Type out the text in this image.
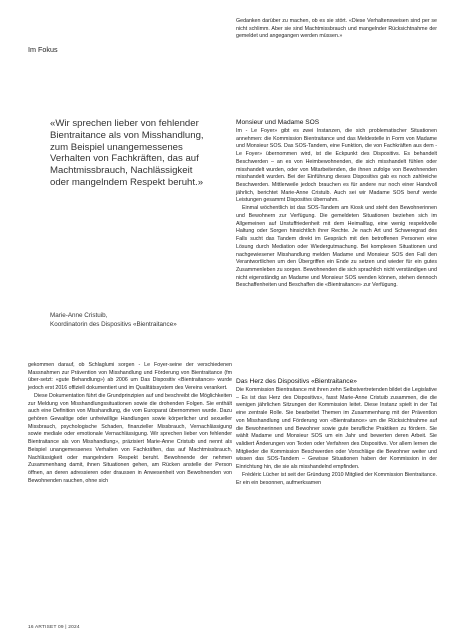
Im Fokus
«Wir sprechen lieber von fehlender Bientraitance als von Misshandlung, zum Beispiel unangemessenes Verhalten von Fachkräften, das auf Machtmissbrauch, Nachlässigkeit oder mangelndem Respekt beruht.»
Marie-Anne Cristuib,
Koordinatorin des Dispositivs «Bientraitance»

gekommen darauf, ob Schlaglumi sorgen - Le Foyer-seine der verschiedenen Massnahmen zur Prävention von Misshandlung und Förderung von Bientraitance (fm über-setzt: «gute Behandlung») ab 2006 um Das Dispositiv «Bientraitance» wurde jedoch erst 2016 offiziell dokumentiert und im Qualitätssystem des Vereins verankert.

Diese Dokumentation führt die Grundprinzipien auf und beschreibt die Möglichkeiten zur Meldung von Misshandlungssituationen sowie die drohenden Folgen. Sie enthält auch eine Definition von Misshandlung, die vom Europarat übernommen wurde. Dazu gehören Gewaltige oder unfreiwillige Handlungen sowie körperlicher und sexueller Missbrauch, psychologische Schaden, finanzieller Missbrauch, Vernachlässigung sowie mediale oder emotionale Vernachlässigung. Wir sprechen lieber von fehlender Bientraitance als von Misshandlung», präzisiert Marie-Anne Cristuib und nennt als Beispiel unangemessenes Verhalten von Fachkräften, das auf Machtmissbrauch, Nachlässigkeit oder mangelndem Respekt beruht. Bewohnende der nehmen Zusammenhang damit, ihnen Situationen gehen, am Rücken anstelle der Person öffnen, an deren adressieren oder draussen in Anwesenheit von Bewohnenden von Bewohnenden rauchen, ohne sich

Gedanken darüber zu machen, ob es sie stört. «Diese Verhaltensweisen sind per se nicht schlimm. Aber sie sind Machtmissbrauch und mangelnder Rücksichtnahme der gemeldet und angegangen werden müssen.»

Monsieur und Madame SOS

Im - Le Foyer» gibt es zwei Instanzen, die sich problematischer Situationen annehmen: die Kommission Bientraitance und das Meldestelle in Form von Madame und Monsieur SOS. Das SOS-Tandem, eine Funktion, die von Fachkräften aus dem - Le Foyer» übernommen wird, ist die Eckpunkt des Dispositivs. Es behandelt Beschwerden – an es von Heimbewohnenden, die sich misshandelt fühlen oder misshandelt wurden, oder von Mitarbeitenden, die ihnen zufolge von Bewohnenden misshandelt wurden. Bei der Einführung dieses Dispositivs gab es noch zahlreiche Beschwerden. Mittlerweile jedoch brauchen es für andere nur noch einer Handvoll jährlich, berichtet Marie-Anne Cristuib. Auch sei wir Madame SOS beruf werde Leistungen gesammt Dispositivs übernahm.

Einmal wöchentlich ist das SOS-Tandem am Kiosk und steht den Bewohnerinnen und Bewohnern zur Verfügung. Die gemeldeten Situationen beziehen sich im Allgemeinen auf Unstuffriedenheit mit dem Heimalltag, eine wenig respektvolle Haltung oder Sorgen hinsichtlich ihrer Rechte. Je nach Art und Schweregrad des Falls sucht das Tandem direkt im Gespräch mit den betroffenen Personen eine Lösung durch Mediation oder Wiedergutmachung. Bei komplexen Situationen und nachgewiesener Misshandlung melden Madame und Monsieur SOS den Fall den Verantwortlichen um den Übergriffen ein Ende zu setzen und wieder für ein gutes Zusammenleben zu sorgen. Bewohnenden die sich sprachlich nicht verständigen und nicht eigenständig an Madame und Monsieur SOS wenden können, stehen dennoch Beschaffenheiten und Beschaffen die «Bientraitance» zur Verfügung.

Das Herz des Dispositivs «Bientraitance»

Die Kommission Bientraitance mit ihren zehn Selbstvertretenden bildet die Legislative – Es ist das Herz des Dispositivs», fasst Marie-Anne Cristuib zusammen, die die wenigen jährlichen Sitzungen der Kommission leitet. Diese Instanz spielt in der Tat eine zentrale Rolle. Sie bearbeitet Themen im Zusammenhang mit der Prävention von Misshandlung und Förderung von «Bientraitance» um die Rücksichtnahme auf die Bewohnerinnen und Bewohner sowie gute berufliche Praktiken zu fördern. Sie wählt Madame und Monsieur SOS um ein Jahr und bewerten deren Arbeit. Sie validiert Änderungen von Texten oder Verfahren des Dispositivs. Vor allem lernen die Mitglieder die Kommission Beschwerden oder Vorschläge die Bewohner weiter und wissen das SOS-Tandem – Gewisse Situationen haben der Kommission in der Einrichtung hin, die sie als misshandelnd empfinden.

Frédéric Lücher ist seit der Gründung 2010 Mitglied der Kommission Bientraitance. Er ein ein besonnen, aufmerksamen

16 ARTISET 09 | 2024
